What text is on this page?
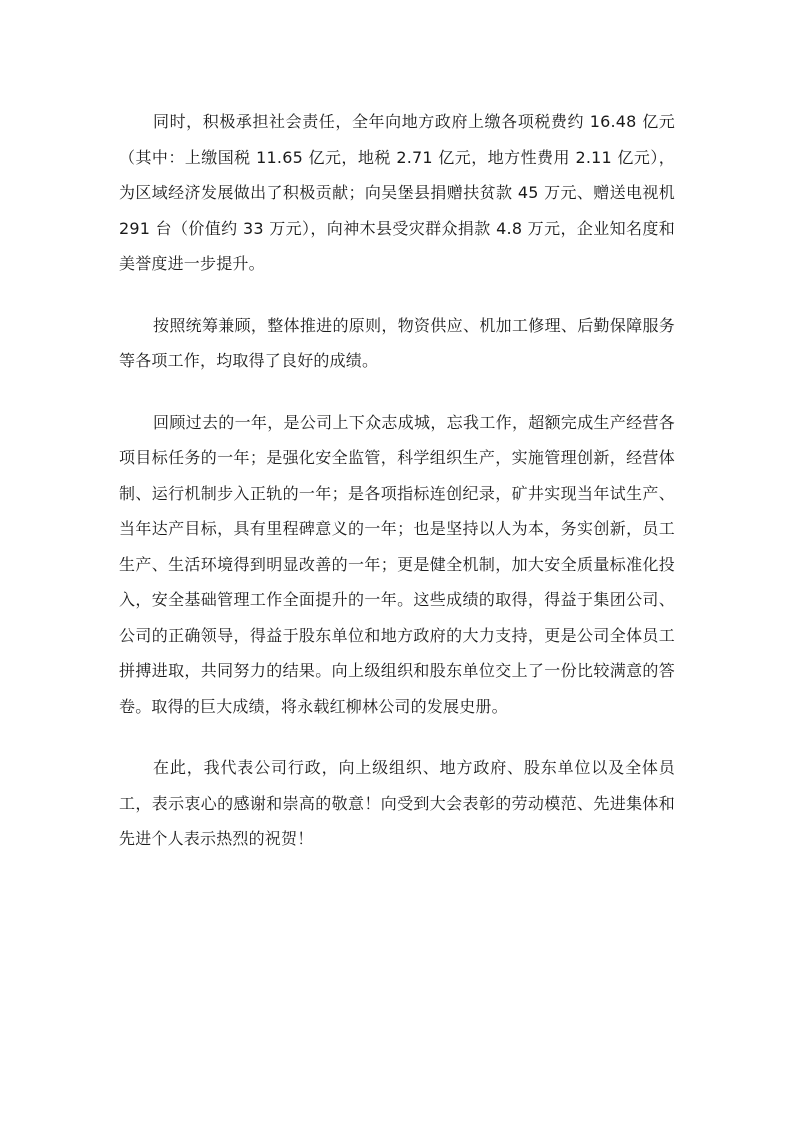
同时，积极承担社会责任，全年向地方政府上缴各项税费约 16.48 亿元（其中：上缴国税 11.65 亿元，地税 2.71 亿元，地方性费用 2.11 亿元），为区域经济发展做出了积极贡献；向吴堡县捐赠扶贫款 45 万元、赠送电视机 291 台（价值约 33 万元），向神木县受灾群众捐款 4.8 万元，企业知名度和美誉度进一步提升。

按照统筹兼顾，整体推进的原则，物资供应、机加工修理、后勤保障服务等各项工作，均取得了良好的成绩。

回顾过去的一年，是公司上下众志成城，忘我工作，超额完成生产经营各项目标任务的一年；是强化安全监管，科学组织生产，实施管理创新，经营体制、运行机制步入正轨的一年；是各项指标连创纪录，矿井实现当年试生产、当年达产目标，具有里程碑意义的一年；也是坚持以人为本，务实创新，员工生产、生活环境得到明显改善的一年；更是健全机制，加大安全质量标准化投入，安全基础管理工作全面提升的一年。这些成绩的取得，得益于集团公司、公司的正确领导，得益于股东单位和地方政府的大力支持，更是公司全体员工拼搏进取，共同努力的结果。向上级组织和股东单位交上了一份比较满意的答卷。取得的巨大成绩，将永载红柳林公司的发展史册。

在此，我代表公司行政，向上级组织、地方政府、股东单位以及全体员工，表示衷心的感谢和崇高的敬意！向受到大会表彰的劳动模范、先进集体和先进个人表示热烈的祝贺！
